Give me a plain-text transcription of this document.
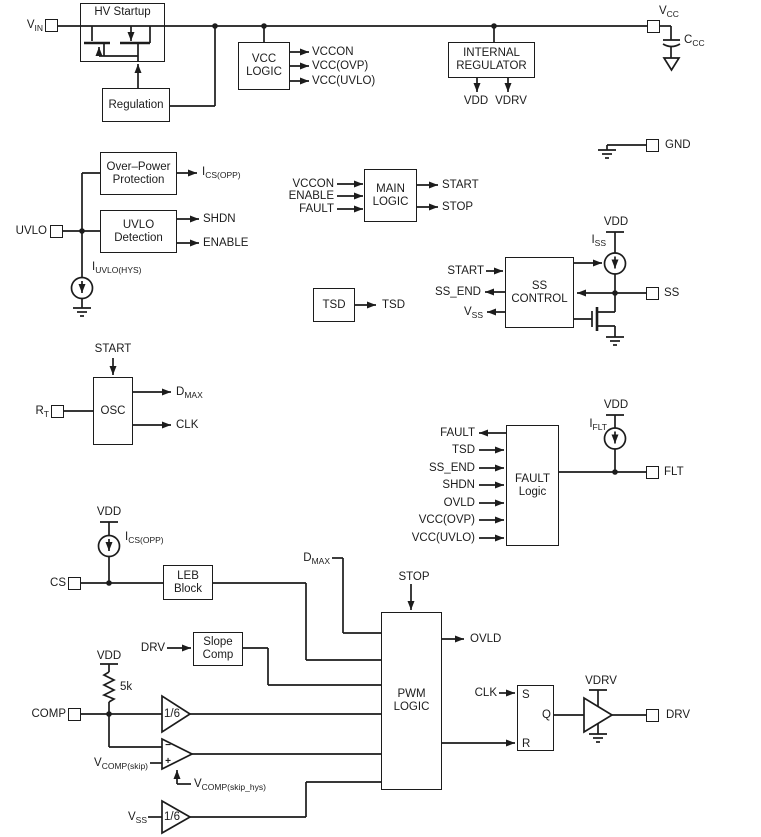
HV Startup
Regulation
VCC
LOGIC
INTERNAL
REGULATOR
Over–Power
Protection
UVLO
Detection
MAIN
LOGIC
TSD
SS
CONTROL
OSC
FAULT
Logic
LEB
Block
Slope
Comp
PWM
LOGIC
S
Q
R
$V_{IN}$
$V_{CC}$
GND
UVLO
SS
$R_T$
FLT
CS
COMP	DRV
VCCON
VCC(OVP)
VCC(UVLO)
VDD VDRV
$C_{CC}$
$I_{CS(OPP)}$
SHDN
ENABLE
$I_{UVLO(HYS)}$
VCCON
ENABLE
FAULT
START
STOP
TSD
START
SS_END
$V_{SS}$
VDD
$I_{SS}$
START
$D_{MAX}$
CLK
FAULT
TSD
SS_END
SHDN
OVLD
VCC(OVP)
VCC(UVLO)
VDD
$I_{FLT}$
VDD
$I_{CS(OPP)}$
$D_{MAX}$
STOP
DRV
VDD
5k
1/6
−
+
$V_{COMP(skip)}$
$V_{COMP(skip\_hys)}$
$V_{SS}$ 1/6
OVLD
CLK
VDRV
